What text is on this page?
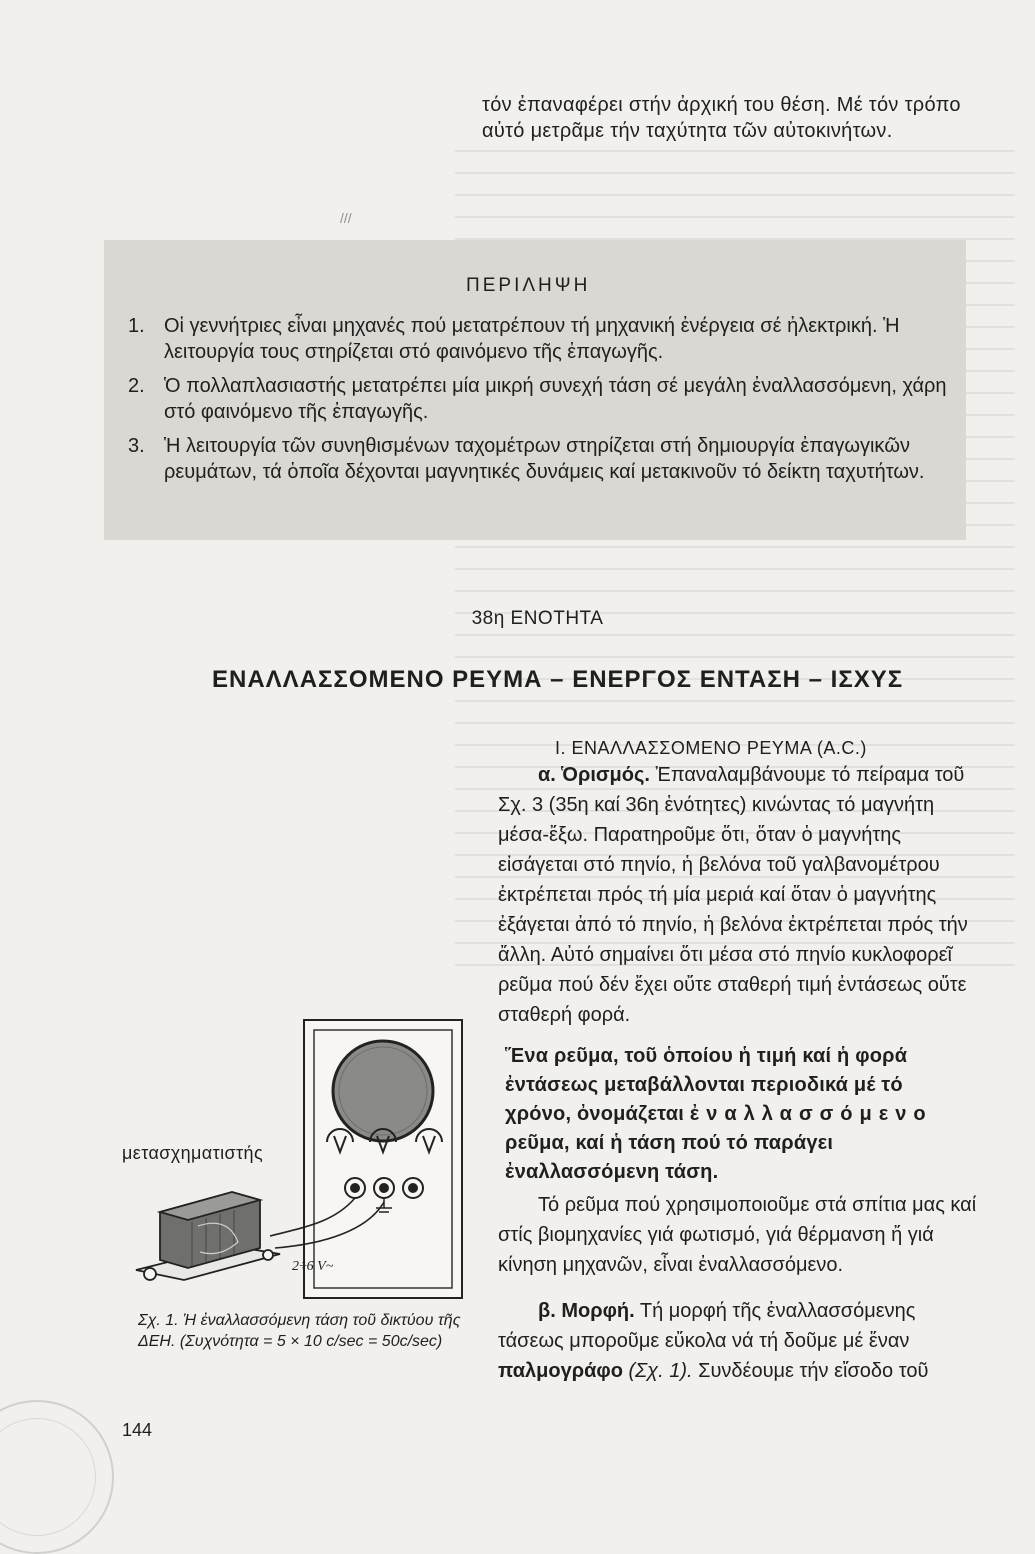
///
τόν ἐπαναφέρει στήν ἀρχική του θέση. Μέ τόν τρόπο αὐτό μετρᾶμε τήν ταχύτητα τῶν αὐτοκινήτων.
ΠΕΡΙΛΗΨΗ
1. Οἱ γεννήτριες εἶναι μηχανές πού μετατρέπουν τή μηχανική ἐνέργεια σέ ἠλεκτρική. Ἡ λειτουργία τους στηρίζεται στό φαινόμενο τῆς ἐπαγωγῆς.
2. Ὁ πολλαπλασιαστής μετατρέπει μία μικρή συνεχή τάση σέ μεγάλη ἐναλλασσόμενη, χάρη στό φαινόμενο τῆς ἐπαγωγῆς.
3. Ἡ λειτουργία τῶν συνηθισμένων ταχομέτρων στηρίζεται στή δημιουργία ἐπαγωγικῶν ρευμάτων, τά ὁποῖα δέχονται μαγνητικές δυνάμεις καί μετακινοῦν τό δείκτη ταχυτήτων.
38η ΕΝΟΤΗΤΑ
ΕΝΑΛΛΑΣΣΟΜΕΝΟ ΡΕΥΜΑ – ΕΝΕΡΓΟΣ ΕΝΤΑΣΗ – ΙΣΧΥΣ
Ι. ΕΝΑΛΛΑΣΣΟΜΕΝΟ ΡΕΥΜΑ (A.C.)
α. Ὁρισμός. Ἐπαναλαμβάνουμε τό πείραμα τοῦ Σχ. 3 (35η καί 36η ἑνότητες) κινώντας τό μαγνήτη μέσα-ἔξω. Παρατηροῦμε ὅτι, ὅταν ὁ μαγνήτης εἰσάγεται στό πηνίο, ἡ βελόνα τοῦ γαλβανομέτρου ἐκτρέπεται πρός τή μία μεριά καί ὅταν ὁ μαγνήτης ἐξάγεται ἀπό τό πηνίο, ἡ βελόνα ἐκτρέπεται πρός τήν ἄλλη. Αὐτό σημαίνει ὅτι μέσα στό πηνίο κυκλοφορεῖ ρεῦμα πού δέν ἔχει οὔτε σταθερή τιμή ἐντάσεως οὔτε σταθερή φορά.
Ἕνα ρεῦμα, τοῦ ὁποίου ἡ τιμή καί ἡ φορά ἐντάσεως μεταβάλλονται περιοδικά μέ τό χρόνο, ὀνομάζεται ἐναλλασσόμενο ρεῦμα, καί ἡ τάση πού τό παράγει ἐναλλασσόμενη τάση.
Τό ρεῦμα πού χρησιμοποιοῦμε στά σπίτια μας καί στίς βιομηχανίες γιά φωτισμό, γιά θέρμανση ἤ γιά κίνηση μηχανῶν, εἶναι ἐναλλασσόμενο.
β. Μορφή. Τή μορφή τῆς ἐναλλασσόμενης τάσεως μποροῦμε εὔκολα νά τή δοῦμε μέ ἕναν παλμογράφο (Σχ. 1). Συνδέουμε τήν εἴσοδο τοῦ
2÷6 V~
μετασχηματιστής
Σχ. 1. Ἡ ἐναλλασσόμενη τάση τοῦ δικτύου τῆς ΔΕΗ. (Συχνότητα = 5 × 10 c/sec = 50c/sec)
144
